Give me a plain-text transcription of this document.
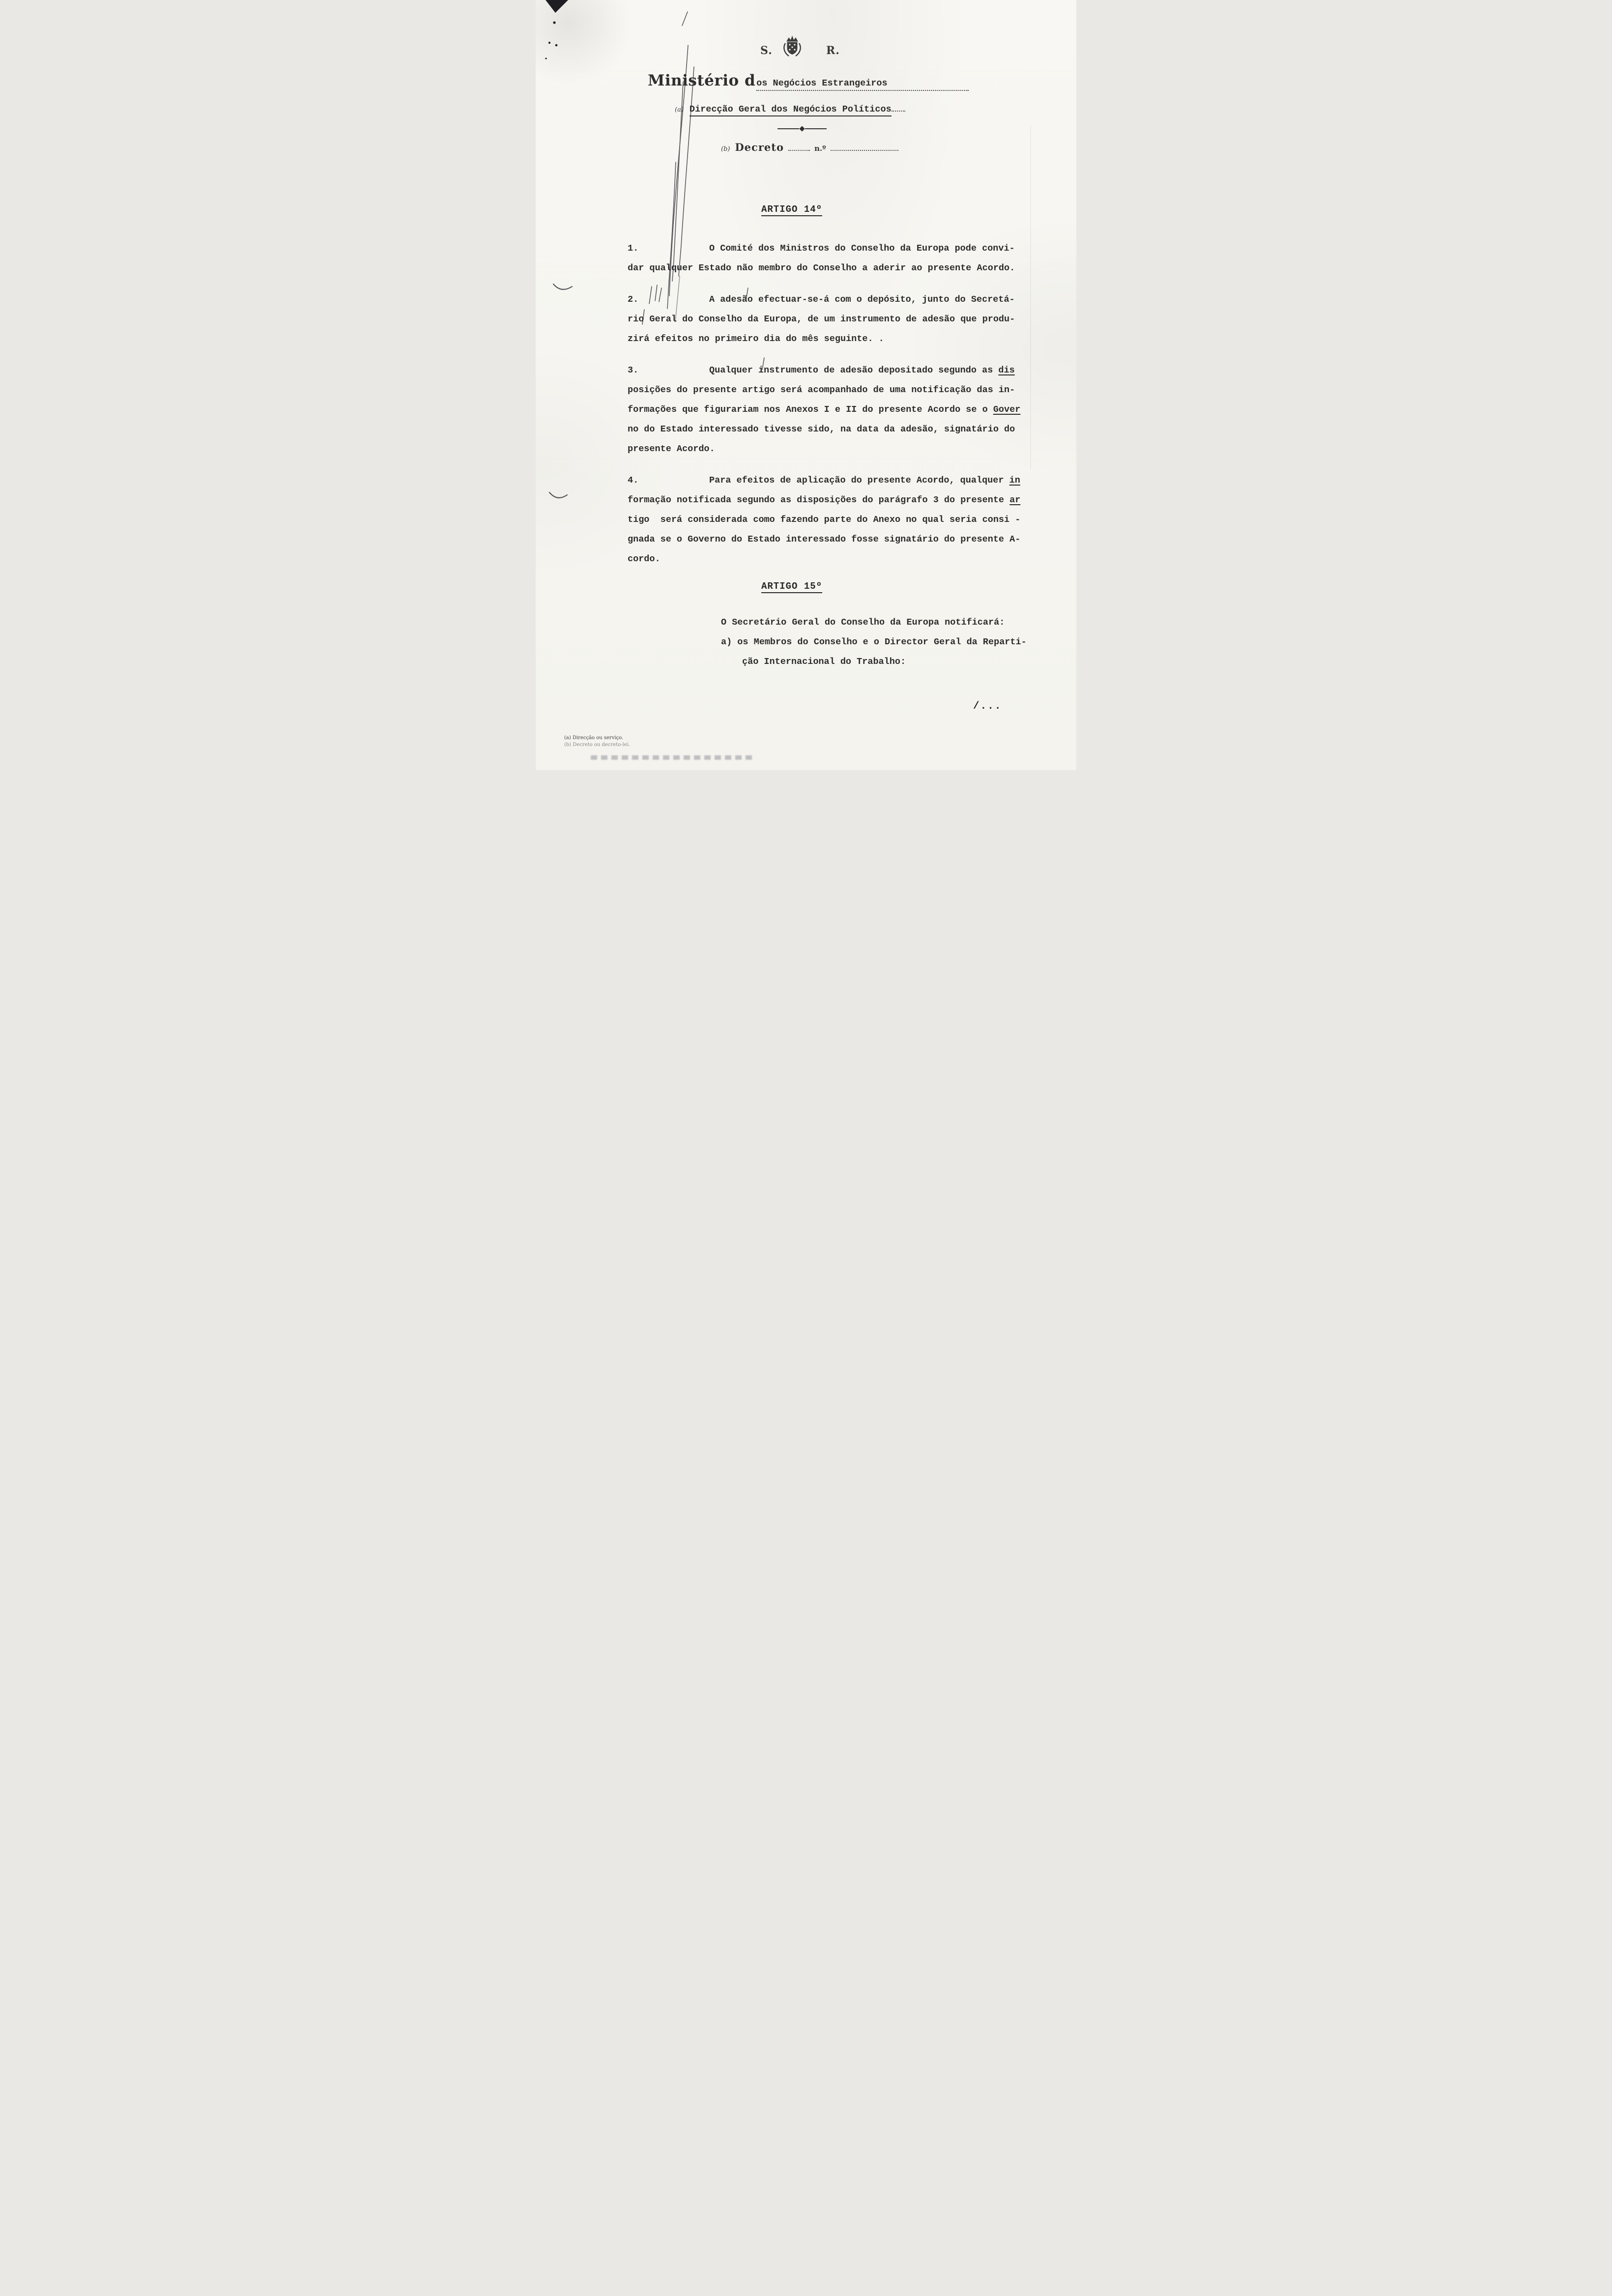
S.	R.
Ministério d os Negócios Estrangeiros
(a) Direcção Geral dos Negócios Políticos
(b) Decreto	n.º
ARTIGO 14º
1.	O Comité dos Ministros do Conselho da Europa pode convi-
dar qualquer Estado não membro do Conselho a aderir ao presente Acordo.
2.	A adesão efectuar-se-á com o depósito, junto do Secretá-
rio Geral do Conselho da Europa, de um instrumento de adesão que produ-
zirá efeitos no primeiro dia do mês seguinte. .
3.	Qualquer instrumento de adesão depositado segundo as dis
posições do presente artigo será acompanhado de uma notificação das in-
formações que figurariam nos Anexos I e II do presente Acordo se o Gover
no do Estado interessado tivesse sido, na data da adesão, signatário do
presente Acordo.
4.	Para efeitos de aplicação do presente Acordo, qualquer in
formação notificada segundo as disposições do parágrafo 3 do presente ar
tigo  será considerada como fazendo parte do Anexo no qual seria consi -
gnada se o Governo do Estado interessado fosse signatário do presente A-
cordo.
ARTIGO 15º
O Secretário Geral do Conselho da Europa notificará:
a) os Membros do Conselho e o Director Geral da Reparti-
ção Internacional do Trabalho:
/...
(a) Direcção ou serviço.
(b) Decreto ou decreto-lei.
